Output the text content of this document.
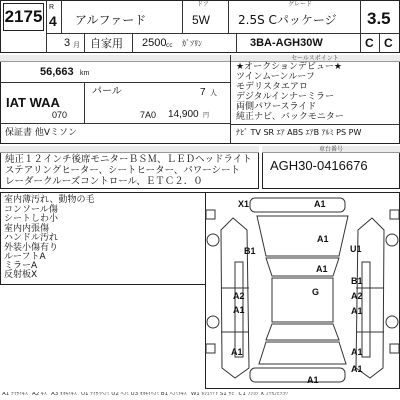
2175 R
4 アルファード
ドア
5W
グレード
2.5S Cパッケージ 3.5
3 月 自家用 2500 cc ｶﾞｿﾘﾝ	3BA-AGH30W	C C
56,663 km
パール	7 人
IAT WAA
070	7A0 14,900 円
保証書 他Vミソン
セールスポイント
★オークションデビュー★
ツインムーンルーフ
モデリスタエアロ
デジタルインナーミラー
両側パワースライド
純正ナビ、バックモニター
ﾅﾋﾞ TV SR ｴｱ ABS ｴｱB ｱﾙﾐ PS PW
純正１２インチ後席モニターＢＳＭ、ＬＥＤヘッドライト
ステアリングヒーター、シートヒーター、パワーシート
レーダークルーズコントロール、ＥＴＣ２．０
車台番号
AGH30-0416676
室内薄汚れ、動物の毛
コンソール傷
シートしわ小
室内内張傷
ハンドル汚れ
外装小傷有り
ルーフトA
ミラーA
反射板X
X1	A1
A1
B1	U1
A1
G
B1
A2
A1
A2
A1
A1	A1
A1
A1
A1 ﾁｲｻｲｷｽﾞ A2 ｷｽﾞ A3 ｵｵｷｲｷｽﾞ U1 ﾁｲｻｲﾍｺﾐ U2 ﾍｺﾐ U3 ｵｵｷｲﾍｺﾐ B1 ﾍｺﾐﾄｷｽﾞ W1 ﾎｼｭｳｱﾄ S1 ｻﾋﾞ C1 ﾌｼｮｸ X ｺｳｶﾝﾋﾂﾖｳ
